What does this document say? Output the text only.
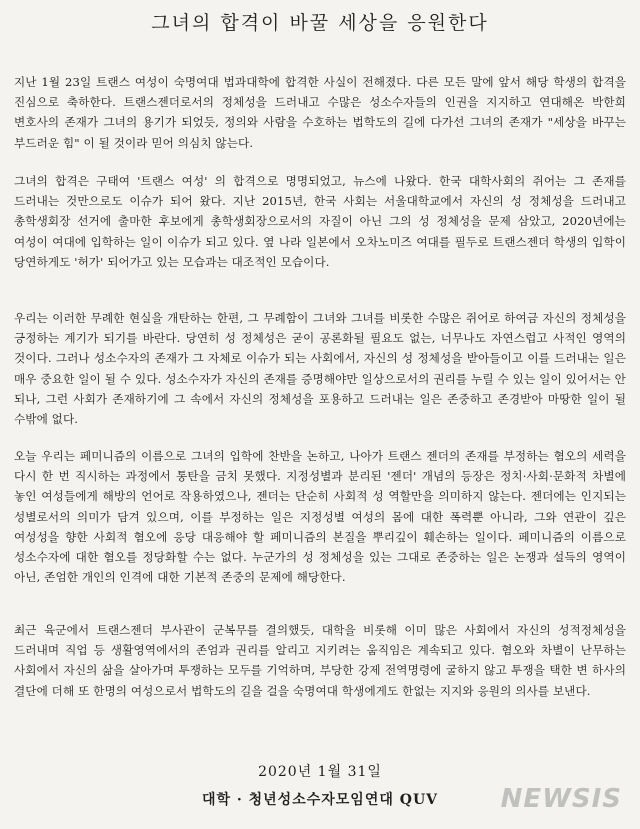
그녀의 합격이 바꿀 세상을 응원한다

지난 1월 23일 트랜스 여성이 숙명여대 법과대학에 합격한 사실이 전해졌다. 다른 모든 말에 앞서 해당 학생의 합격을 진심으로 축하한다. 트랜스젠더로서의 정체성을 드러내고 수많은 성소수자들의 인권을 지지하고 연대해온 박한희 변호사의 존재가 그녀의 용기가 되었듯, 정의와 사람을 수호하는 법학도의 길에 다가선 그녀의 존재가 "세상을 바꾸는 부드러운 힘" 이 될 것이라 믿어 의심치 않는다.

그녀의 합격은 구태여 '트랜스 여성' 의 합격으로 명명되었고, 뉴스에 나왔다. 한국 대학사회의 쥐어는 그 존재를 드러내는 것만으로도 이슈가 되어 왔다. 지난 2015년, 한국 사회는 서울대학교에서 자신의 성 정체성을 드러내고 총학생회장 선거에 출마한 후보에게 총학생회장으로서의 자질이 아닌 그의 성 정체성을 문제 삼았고, 2020년에는 여성이 여대에 입학하는 일이 이슈가 되고 있다. 옆 나라 일본에서 오차노미즈 여대를 필두로 트랜스젠더 학생의 입학이 당연하게도 '허가' 되어가고 있는 모습과는 대조적인 모습이다.

우리는 이러한 무례한 현실을 개탄하는 한편, 그 무례함이 그녀와 그녀를 비롯한 수많은 쥐어로 하여금 자신의 정체성을 긍정하는 계기가 되기를 바란다. 당연히 성 정체성은 굳이 공론화될 필요도 없는, 너무나도 자연스럽고 사적인 영역의 것이다. 그러나 성소수자의 존재가 그 자체로 이슈가 되는 사회에서, 자신의 성 정체성을 받아들이고 이를 드러내는 일은 매우 중요한 일이 될 수 있다. 성소수자가 자신의 존재를 증명해야만 일상으로서의 권리를 누릴 수 있는 일이 있어서는 안 되나, 그런 사회가 존재하기에 그 속에서 자신의 정체성을 포용하고 드러내는 일은 존중하고 존경받아 마땅한 일이 될 수밖에 없다.

오늘 우리는 페미니즘의 이름으로 그녀의 입학에 찬반을 논하고, 나아가 트랜스 젠더의 존재를 부정하는 혐오의 세력을 다시 한 번 직시하는 과정에서 통탄을 금치 못했다. 지정성별과 분리된 '젠더' 개념의 등장은 정치·사회·문화적 차별에 놓인 여성들에게 해방의 언어로 작용하였으나, 젠더는 단순히 사회적 성 역할만을 의미하지 않는다. 젠더에는 인지되는 성별로서의 의미가 담겨 있으며, 이를 부정하는 일은 지정성별 여성의 몸에 대한 폭력뿐 아니라, 그와 연관이 깊은 여성성을 향한 사회적 혐오에 응당 대응해야 할 페미니즘의 본질을 뿌리깊이 훼손하는 일이다. 페미니즘의 이름으로 성소수자에 대한 혐오를 정당화할 수는 없다. 누군가의 성 정체성을 있는 그대로 존중하는 일은 논쟁과 설득의 영역이 아닌, 존엄한 개인의 인격에 대한 기본적 존중의 문제에 해당한다.

최근 육군에서 트랜스젠더 부사관이 군복무를 결의했듯, 대학을 비롯해 이미 많은 사회에서 자신의 성적정체성을 드러내며 직업 등 생활영역에서의 존엄과 권리를 알리고 지키려는 움직임은 계속되고 있다. 혐오와 차별이 난무하는 사회에서 자신의 삶을 살아가며 투쟁하는 모두를 기억하며, 부당한 강제 전역명령에 굴하지 않고 투쟁을 택한 변 하사의 결단에 더해 또 한명의 여성으로서 법학도의 길을 걸을 숙명여대 학생에게도 한없는 지지와 응원의 의사를 보낸다.

2020년 1월 31일
대학 · 청년성소수자모임연대 QUV	NEWSIS
